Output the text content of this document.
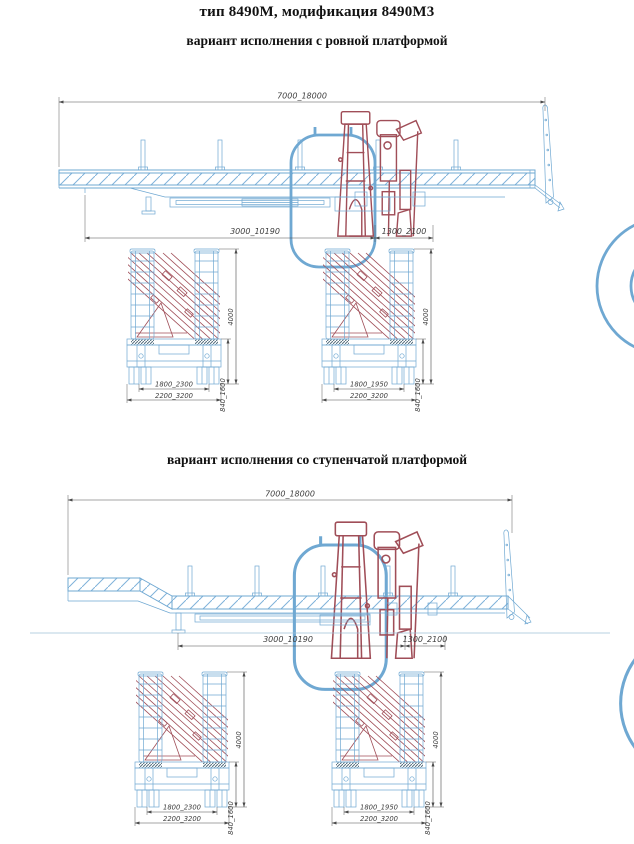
тип 8490М, модификация 8490М3
вариант исполнения с ровной платформой
7000_18000
3000_10190	1300_2100
1800_2300
2200_3200
4000
840_1600	1800_1950
2200_3200
4000
840_1600
вариант исполнения со ступенчатой платформой
7000_18000
3000_10190	1300_2100
1800_2300
2200_3200
4000
840_1600	1800_1950
2200_3200
4000
840_1600
